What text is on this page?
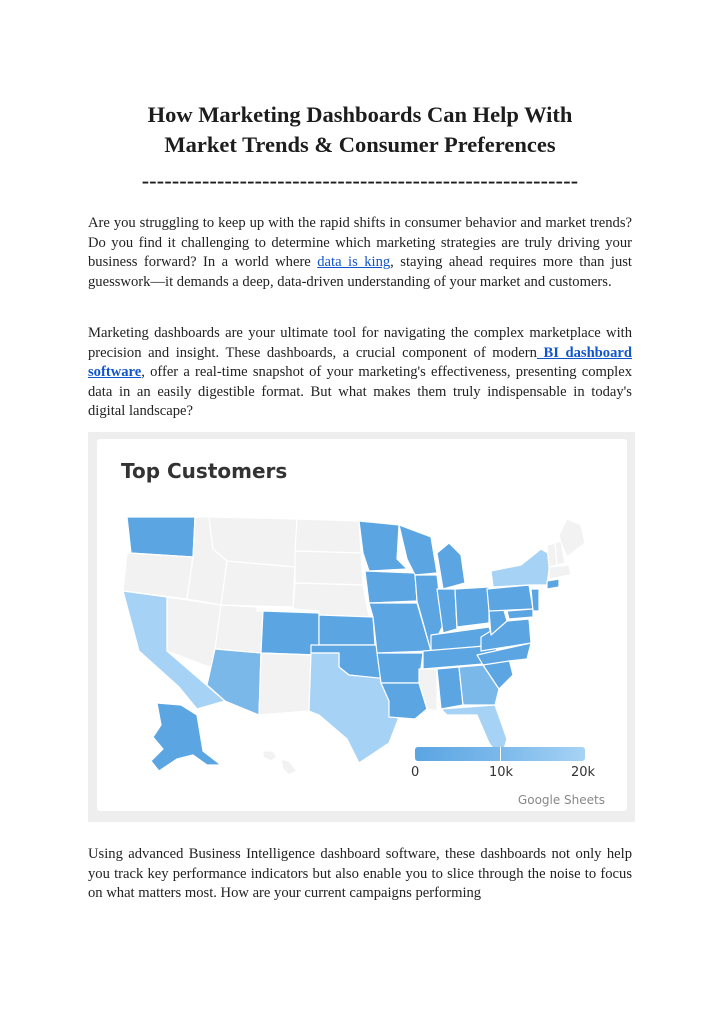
How Marketing Dashboards Can Help With
Market Trends & Consumer Preferences
----------------------------------------------------------

Are you struggling to keep up with the rapid shifts in consumer behavior and market trends? Do you find it challenging to determine which marketing strategies are truly driving your business forward? In a world where data is king, staying ahead requires more than just guesswork—it demands a deep, data-driven understanding of your market and customers.

Marketing dashboards are your ultimate tool for navigating the complex marketplace with precision and insight. These dashboards, a crucial component of modern BI dashboard software, offer a real-time snapshot of your marketing's effectiveness, presenting complex data in an easily digestible format. But what makes them truly indispensable in today's digital landscape?

Top Customers
0	10k	20k
Google Sheets

Using advanced Business Intelligence dashboard software, these dashboards not only help you track key performance indicators but also enable you to slice through the noise to focus on what matters most. How are your current campaigns performing
